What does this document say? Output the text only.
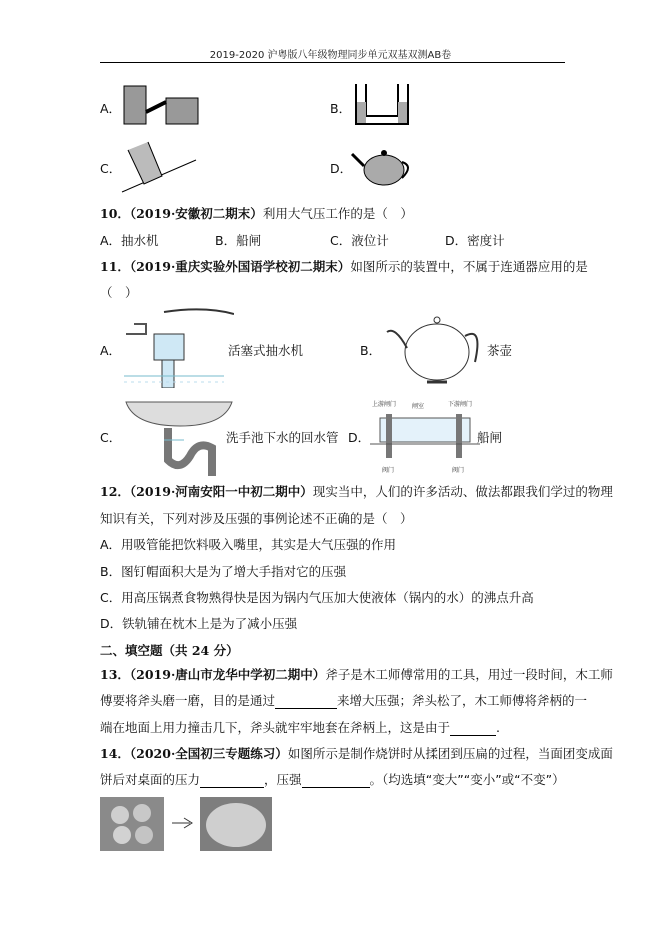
2019-2020 沪粤版八年级物理同步单元双基双测AB卷
A．	B．
C．	D．
10．（2019·安徽初二期末）利用大气压工作的是（　）
A．抽水机	B．船闸	C．液位计	D．密度计
11．（2019·重庆实验外国语学校初二期末）如图所示的装置中，不属于连通器应用的是
（　）
A．	活塞式抽水机	B．	茶壶
C．	洗手池下水的回水管 D．
上游闸门	闸室	下游闸门
阀门	阀门
船闸
12．（2019·河南安阳一中初二期中）现实当中，人们的许多活动、做法都跟我们学过的物理
知识有关，下列对涉及压强的事例论述不正确的是（　）
A．用吸管能把饮料吸入嘴里，其实是大气压强的作用
B．图钉帽面积大是为了增大手指对它的压强
C．用高压锅煮食物熟得快是因为锅内气压加大使液体（锅内的水）的沸点升高
D．铁轨铺在枕木上是为了减小压强
二、填空题（共 24 分）
13．（2019·唐山市龙华中学初二期中）斧子是木工师傅常用的工具，用过一段时间，木工师
傅要将斧头磨一磨，目的是通过	来增大压强；斧头松了，木工师傅将斧柄的一
端在地面上用力撞击几下，斧头就牢牢地套在斧柄上，这是由于	.
14．（2020·全国初三专题练习）如图所示是制作烧饼时从揉团到压扁的过程，当面团变成面
饼后对桌面的压力	，压强	。（均选填“变大”“变小”或“不变”）
